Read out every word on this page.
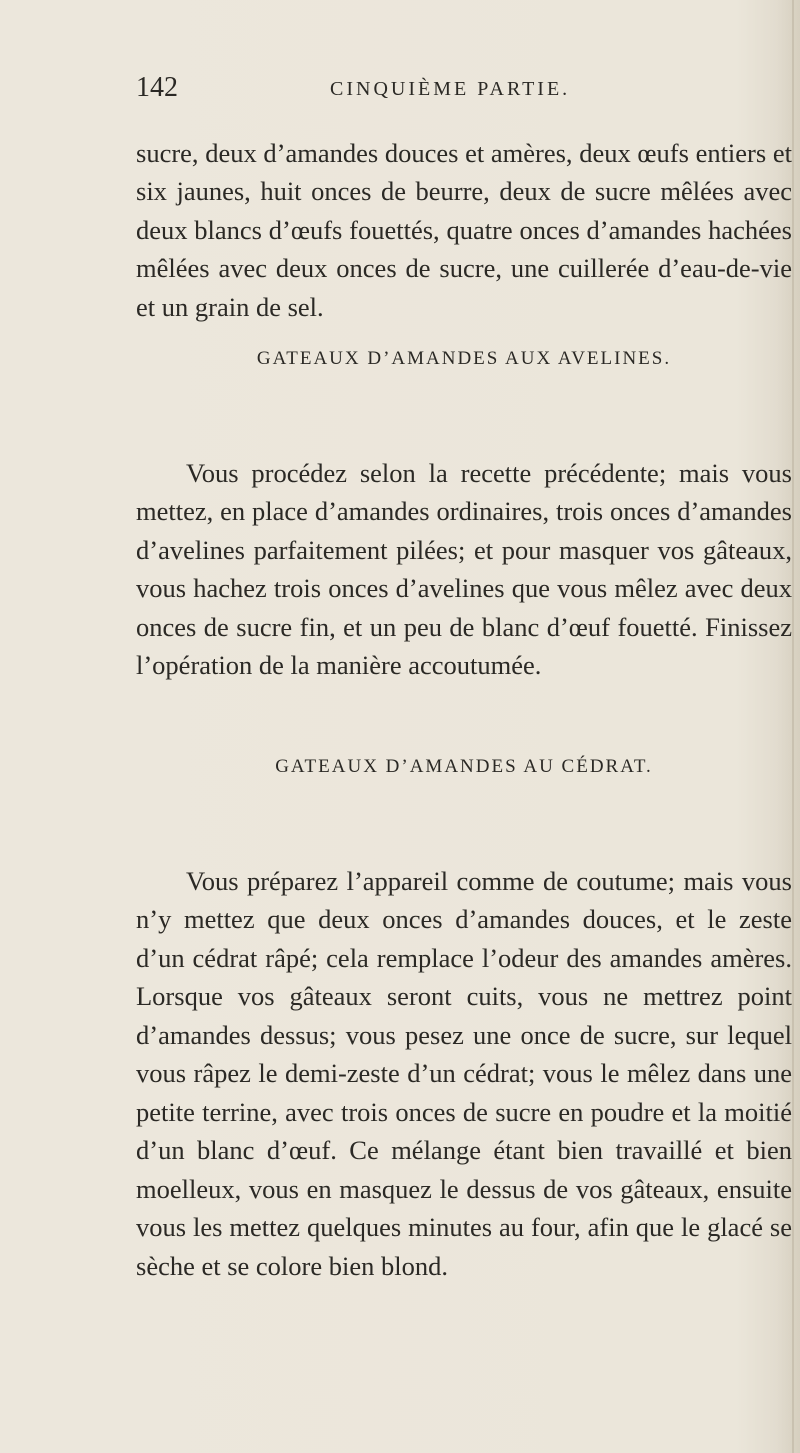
142	CINQUIÈME PARTIE.

sucre, deux d’amandes douces et amères, deux œufs entiers et six jaunes, huit onces de beurre, deux de sucre mêlées avec deux blancs d’œufs fouettés, quatre onces d’amandes hachées mêlées avec deux onces de sucre, une cuillerée d’eau-de-vie et un grain de sel.

GATEAUX D’AMANDES AUX AVELINES.

Vous procédez selon la recette précédente; mais vous mettez, en place d’amandes ordinaires, trois onces d’amandes d’avelines parfaitement pilées; et pour masquer vos gâteaux, vous hachez trois onces d’avelines que vous mêlez avec deux onces de sucre fin, et un peu de blanc d’œuf fouetté. Finissez l’opération de la manière accoutumée.

GATEAUX D’AMANDES AU CÉDRAT.

Vous préparez l’appareil comme de coutume; mais vous n’y mettez que deux onces d’amandes douces, et le zeste d’un cédrat râpé; cela remplace l’odeur des amandes amères. Lorsque vos gâteaux seront cuits, vous ne mettrez point d’amandes dessus; vous pesez une once de sucre, sur lequel vous râpez le demi-zeste d’un cédrat; vous le mêlez dans une petite terrine, avec trois onces de sucre en poudre et la moitié d’un blanc d’œuf. Ce mélange étant bien travaillé et bien moelleux, vous en masquez le dessus de vos gâteaux, ensuite vous les mettez quelques minutes au four, afin que le glacé se sèche et se colore bien blond.
